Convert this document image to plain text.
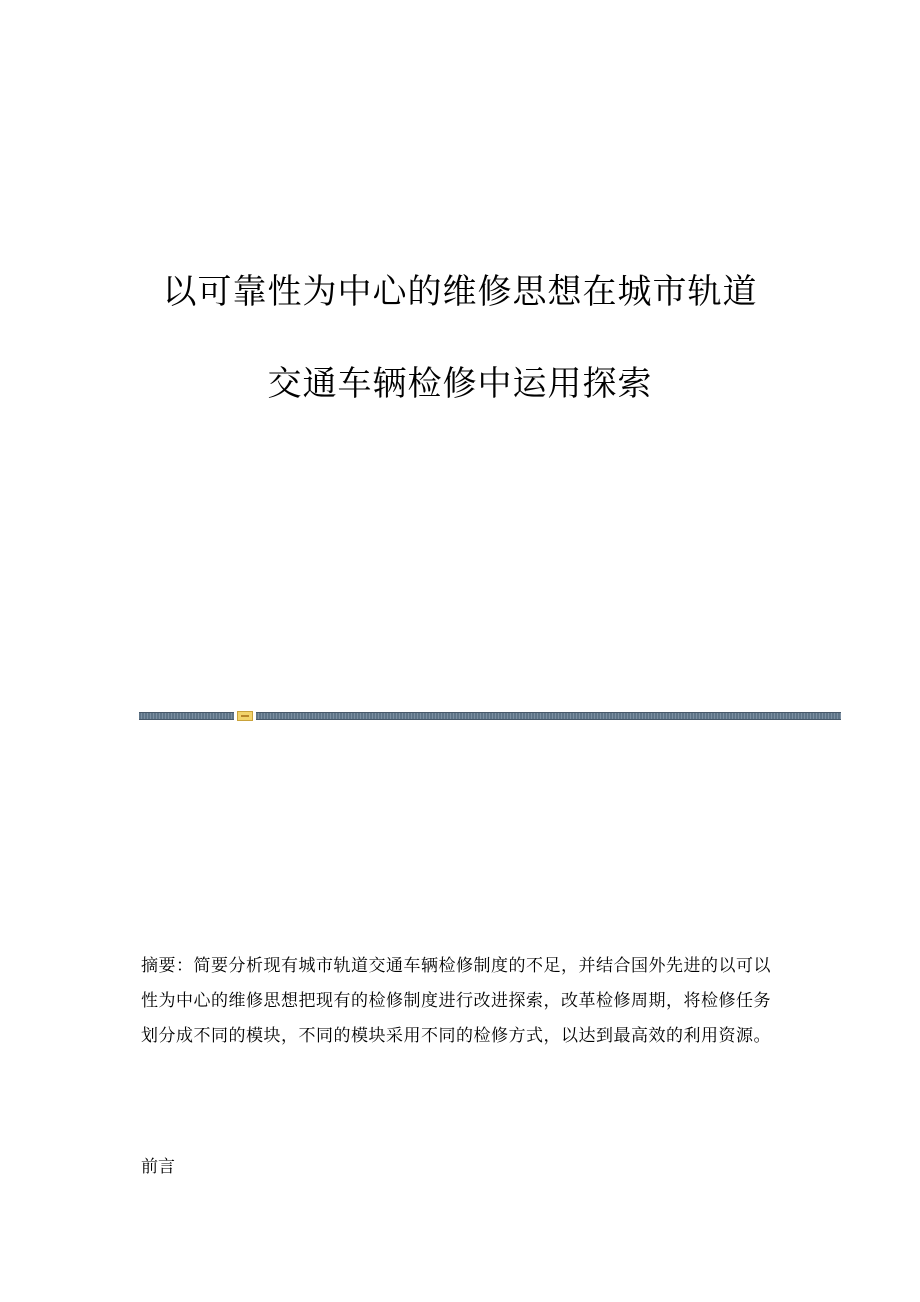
以可靠性为中心的维修思想在城市轨道
交通车辆检修中运用探索

摘要：简要分析现有城市轨道交通车辆检修制度的不足，并结合国外先进的以可以性为中心的维修思想把现有的检修制度进行改进探索，改革检修周期，将检修任务划分成不同的模块，不同的模块采用不同的检修方式，以达到最高效的利用资源。

前言
